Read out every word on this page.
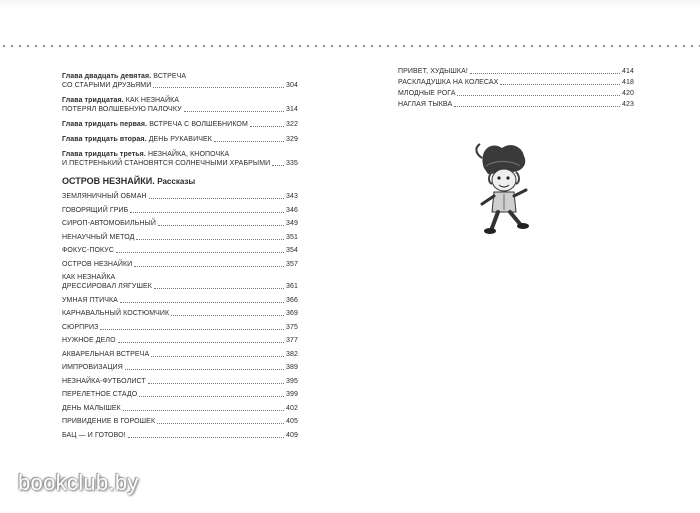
Глава двадцать девятая. ВСТРЕЧА
СО СТАРЫМИ ДРУЗЬЯМИ	304
Глава тридцатая. КАК НЕЗНАЙКА
ПОТЕРЯЛ ВОЛШЕБНУЮ ПАЛОЧКУ	314
Глава тридцать первая. ВСТРЕЧА С ВОЛШЕБНИКОМ	322
Глава тридцать вторая. ДЕНЬ РУКАВИЧЕК	329
Глава тридцать третья. НЕЗНАЙКА, КНОПОЧКА
И ПЕСТРЕНЬКИЙ СТАНОВЯТСЯ СОЛНЕЧНЫМИ ХРАБРЫМИ 335
ОСТРОВ НЕЗНАЙКИ. Рассказы
ЗЕМЛЯНИЧНЫЙ ОБМАН	343
ГОВОРЯЩИЙ ГРИБ	346
СИРОП-АВТОМОБИЛЬНЫЙ	349
НЕНАУЧНЫЙ МЕТОД	351
ФОКУС-ПОКУС	354
ОСТРОВ НЕЗНАЙКИ	357
КАК НЕЗНАЙКА
ДРЕССИРОВАЛ ЛЯГУШЕК	361
УМНАЯ ПТИЧКА	366
КАРНАВАЛЬНЫЙ КОСТЮМЧИК	369
СЮРПРИЗ	375
НУЖНОЕ ДЕЛО	377
АКВАРЕЛЬНАЯ ВСТРЕЧА	382
ИМПРОВИЗАЦИЯ	389
НЕЗНАЙКА-ФУТБОЛИСТ	395
ПЕРЕЛЕТНОЕ СТАДО	399
ДЕНЬ МАЛЫШЕК	402
ПРИВИДЕНИЕ В ГОРОШЕК	405
БАЦ — И ГОТОВО!	409
ПРИВЕТ, ХУДЫШКА!	414
РАСКЛАДУШКА НА КОЛЕСАХ	418
МЛОДНЫЕ РОГА	420
НАГЛАЯ ТЫКВА	423
bookclub.by
